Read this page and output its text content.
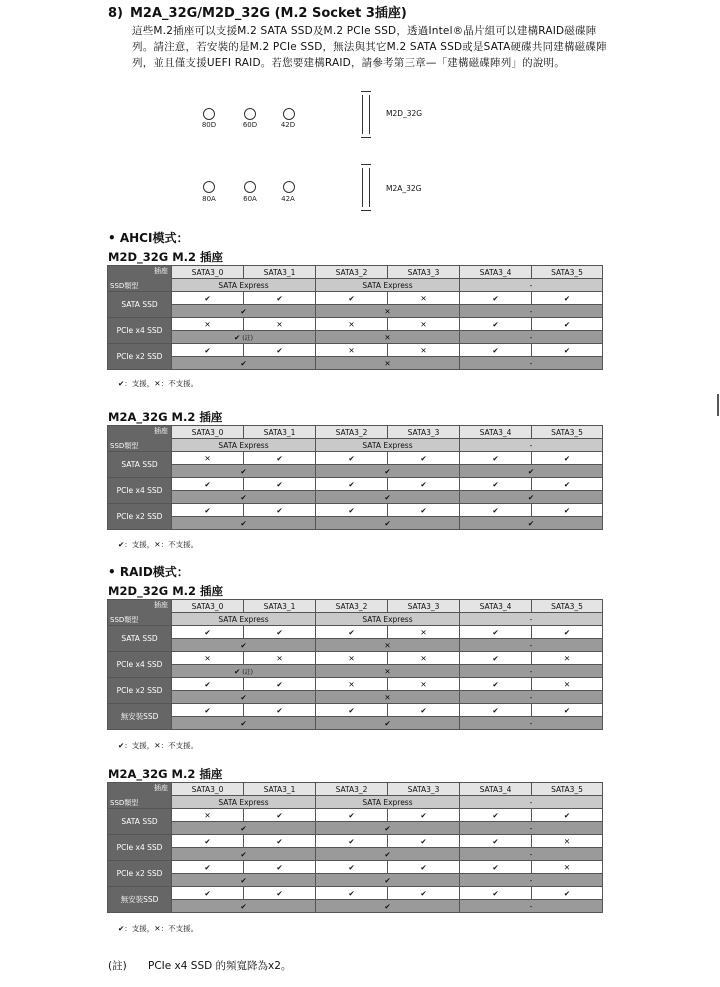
8) M2A_32G/M2D_32G (M.2 Socket 3插座)
這些M.2插座可以支援M.2 SATA SSD及M.2 PCIe SSD，透過Intel®晶片組可以建構RAID磁碟陣列。請注意，若安裝的是M.2 PCIe SSD，無法與其它M.2 SATA SSD或是SATA硬碟共同建構磁碟陣列，並且僅支援UEFI RAID。若您要建構RAID，請參考第三章—「建構磁碟陣列」的說明。
80D	60D	42D
80A	60A	42A
M2D_32G
M2A_32G
• AHCI模式：
M2D_32G M.2 插座
插座
SSD類型	SATA3_0	SATA3_1	SATA3_2	SATA3_3	SATA3_4	SATA3_5
	SATA Express		SATA Express		-	
SATA SSD	✔	✔	✔	✕	✔	✔
	✔		✕		-	
PCIe x4 SSD	✕	✕	✕	✕	✔	✔
	✔ $^{(註)}$		✕		-	
PCIe x2 SSD	✔	✔	✕	✕	✔	✔
	✔		✕		-	
✔：支援，✕：不支援。
M2A_32G M.2 插座
插座
SSD類型	SATA3_0	SATA3_1	SATA3_2	SATA3_3	SATA3_4	SATA3_5
	SATA Express		SATA Express		-	
SATA SSD	✕	✔	✔	✔	✔	✔
	✔		✔		✔	
PCIe x4 SSD	✔	✔	✔	✔	✔	✔
	✔		✔		✔	
PCIe x2 SSD	✔	✔	✔	✔	✔	✔
	✔		✔		✔	
✔：支援，✕：不支援。
• RAID模式：
M2D_32G M.2 插座
插座
SSD類型	SATA3_0	SATA3_1	SATA3_2	SATA3_3	SATA3_4	SATA3_5
	SATA Express		SATA Express		-	
SATA SSD	✔	✔	✔	✕	✔	✔
	✔		✕		-	
PCIe x4 SSD	✕	✕	✕	✕	✔	✕
	✔ $^{(註)}$		✕		-	
PCIe x2 SSD	✔	✔	✕	✕	✔	✕
	✔		✕		-	
無安裝SSD	✔	✔	✔	✔	✔	✔
	✔		✔		-	
✔：支援，✕：不支援。
M2A_32G M.2 插座
插座
SSD類型	SATA3_0	SATA3_1	SATA3_2	SATA3_3	SATA3_4	SATA3_5
	SATA Express		SATA Express		-	
SATA SSD	✕	✔	✔	✔	✔	✔
	✔		✔		-	
PCIe x4 SSD	✔	✔	✔	✔	✔	✕
	✔		✔		-	
PCIe x2 SSD	✔	✔	✔	✔	✔	✕
	✔		✔		-	
無安裝SSD	✔	✔	✔	✔	✔	✔
	✔		✔		-	
✔：支援，✕：不支援。
(註) PCIe x4 SSD 的頻寬降為x2。
